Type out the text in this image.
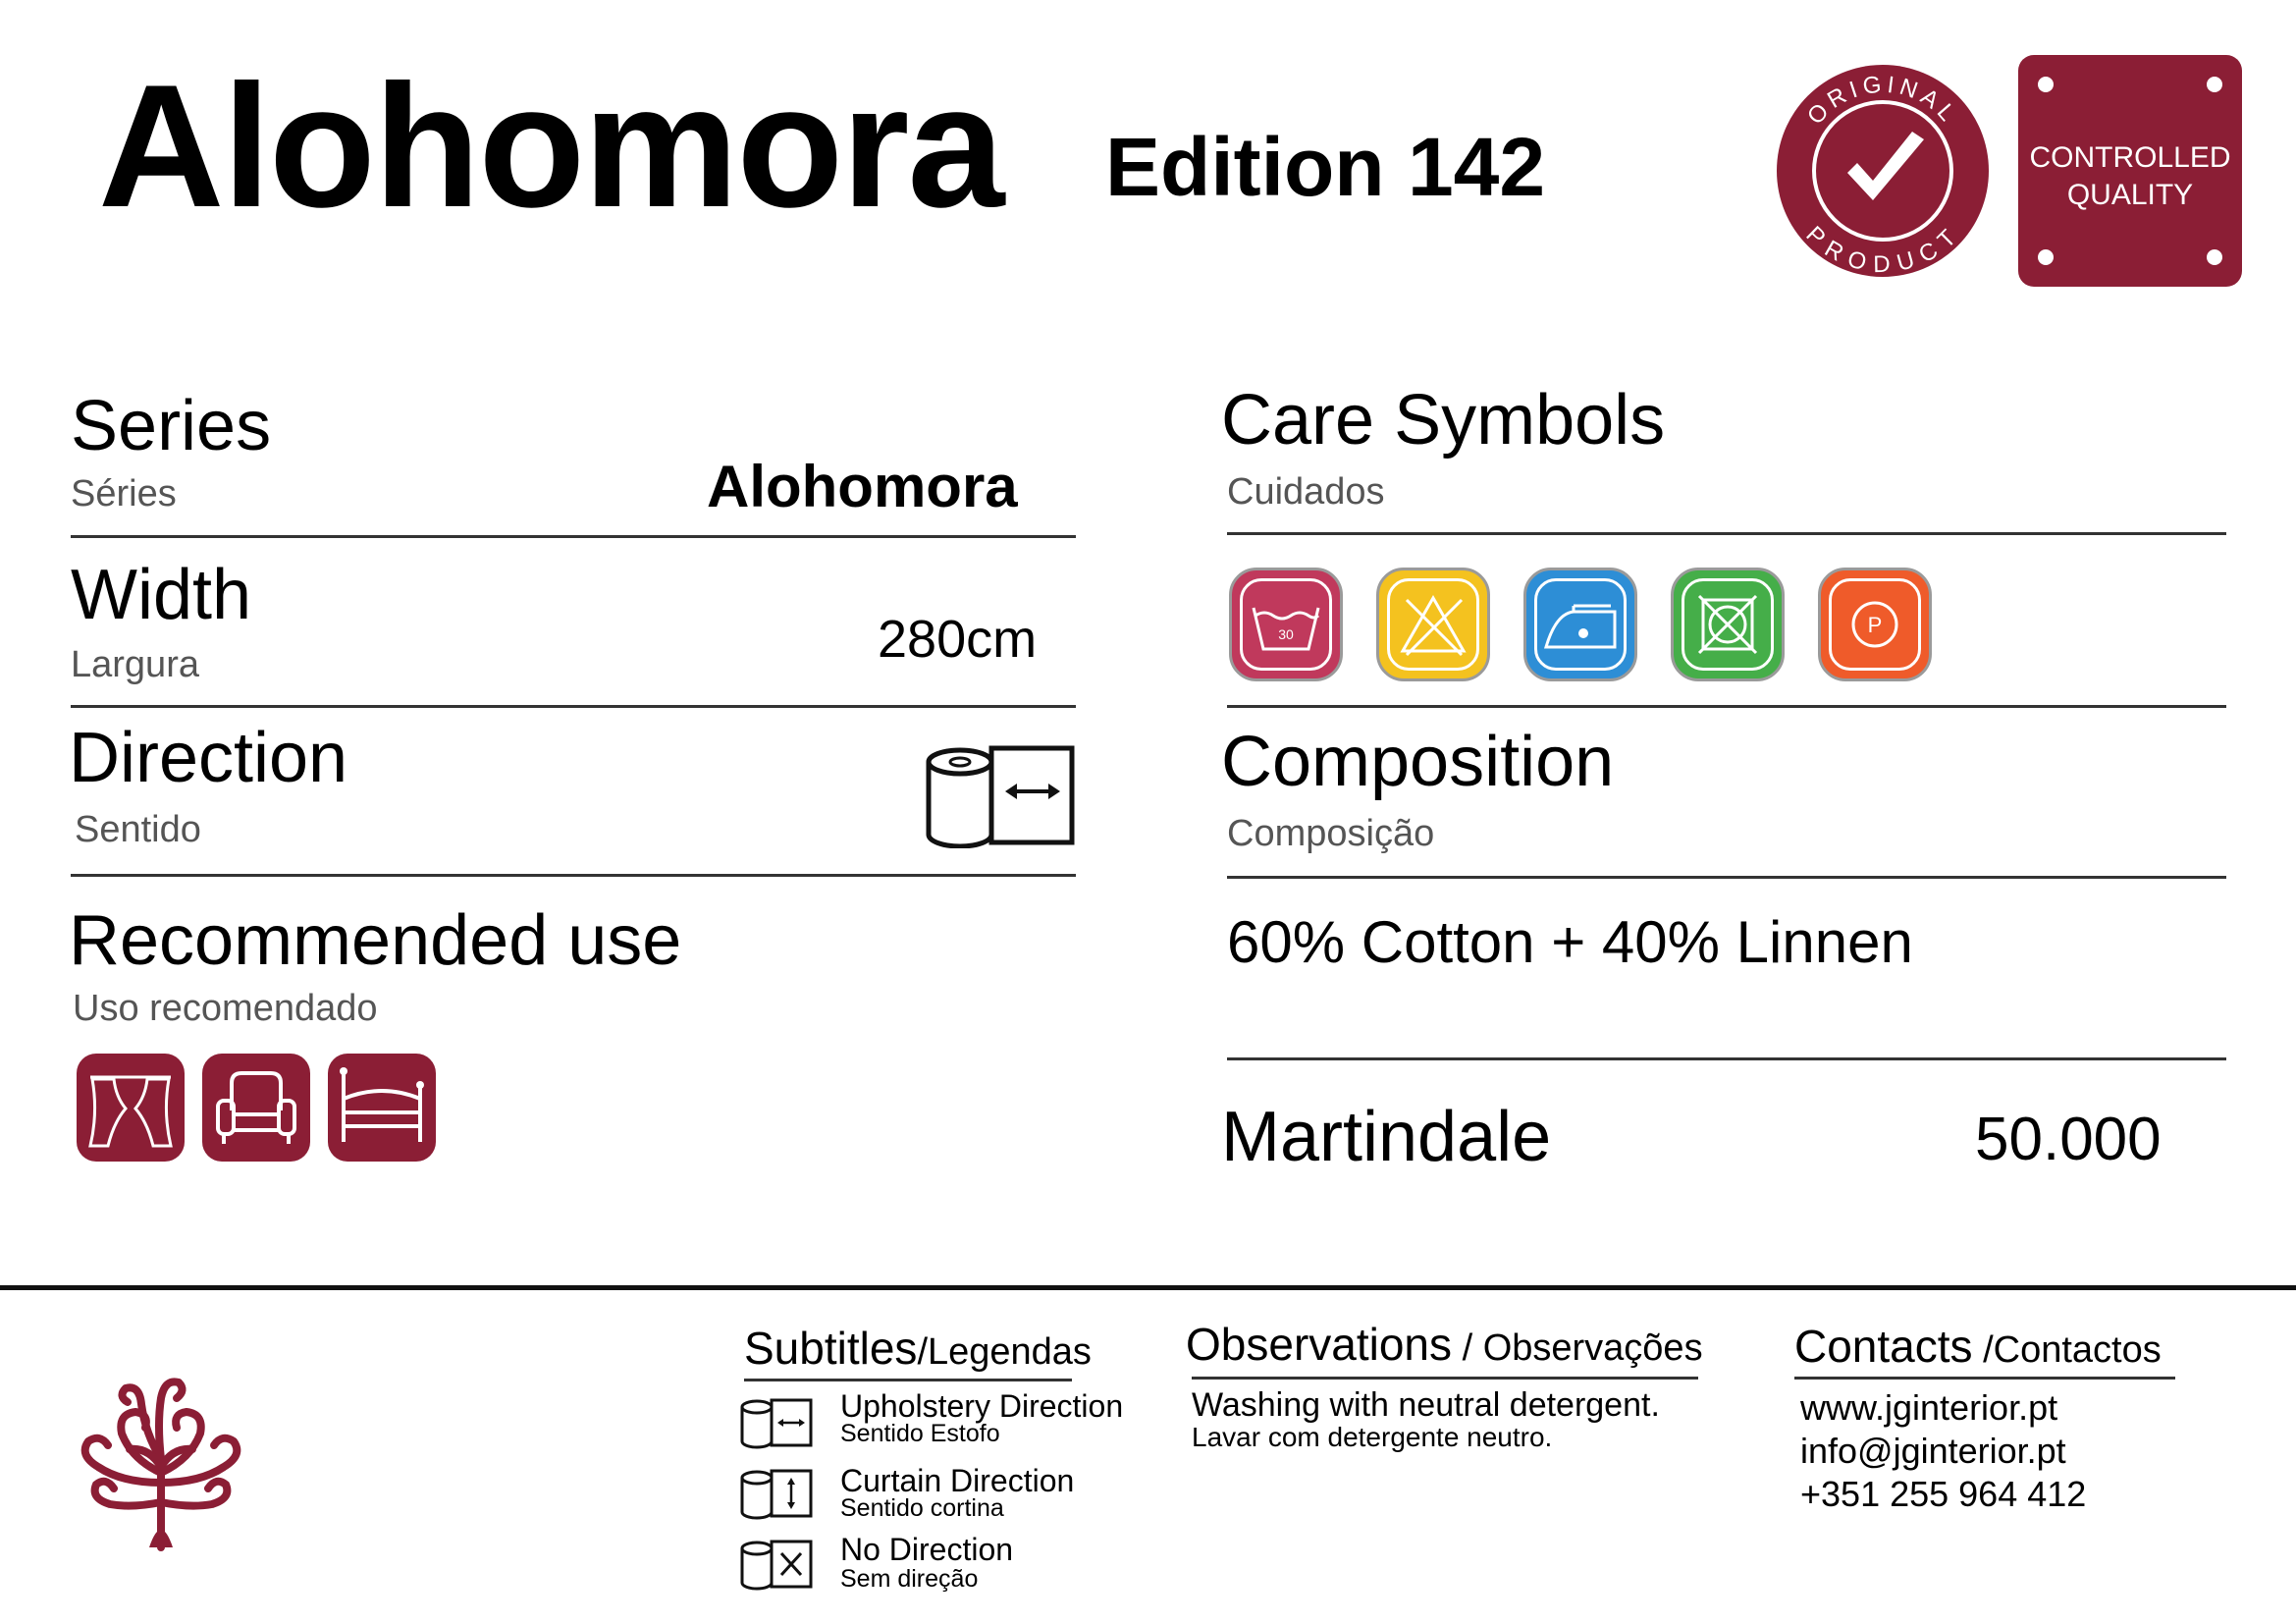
Alohomora Edition 142
ORIGINAL
PRODUCT
CONTROLLED
QUALITY
Series
Séries	Alohomora
Width
Largura	280cm
Direction
Sentido
Recommended use
Uso recomendado
Care Symbols
Cuidados
30	P
Composition
Composição
60% Cotton + 40% Linnen
Martindale	50.000
Subtitles/Legendas
Upholstery Direction
Sentido Estofo
Curtain Direction
Sentido cortina
No Direction
Sem direção
Observations / Observações
Washing with neutral detergent.
Lavar com detergente neutro.
Contacts /Contactos
www.jginterior.pt
info@jginterior.pt
+351 255 964 412
